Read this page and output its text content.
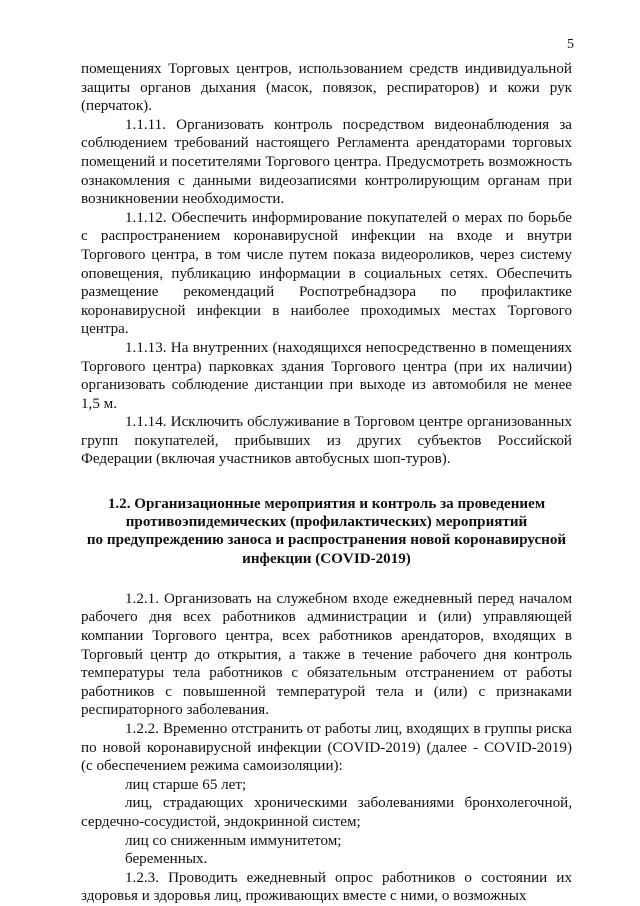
5

помещениях Торговых центров, использованием средств индивидуальной защиты органов дыхания (масок, повязок, респираторов) и кожи рук (перчаток).

1.1.11. Организовать контроль посредством видеонаблюдения за соблюдением требований настоящего Регламента арендаторами торговых помещений и посетителями Торгового центра. Предусмотреть возможность ознакомления с данными видеозаписями контролирующим органам при возникновении необходимости.

1.1.12. Обеспечить информирование покупателей о мерах по борьбе с распространением коронавирусной инфекции на входе и внутри Торгового центра, в том числе путем показа видеороликов, через систему оповещения, публикацию информации в социальных сетях. Обеспечить размещение рекомендаций Роспотребнадзора по профилактике коронавирусной инфекции в наиболее проходимых местах Торгового центра.

1.1.13. На внутренних (находящихся непосредственно в помещениях Торгового центра) парковках здания Торгового центра (при их наличии) организовать соблюдение дистанции при выходе из автомобиля не менее 1,5 м.

1.1.14. Исключить обслуживание в Торговом центре организованных групп покупателей, прибывших из других субъектов Российской Федерации (включая участников автобусных шоп-туров).

1.2. Организационные мероприятия и контроль за проведением
противоэпидемических (профилактических) мероприятий
по предупреждению заноса и распространения новой коронавирусной
инфекции (COVID-2019)

1.2.1. Организовать на служебном входе ежедневный перед началом рабочего дня всех работников администрации и (или) управляющей компании Торгового центра, всех работников арендаторов, входящих в Торговый центр до открытия, а также в течение рабочего дня контроль температуры тела работников с обязательным отстранением от работы работников с повышенной температурой тела и (или) с признаками респираторного заболевания.

1.2.2. Временно отстранить от работы лиц, входящих в группы риска по новой коронавирусной инфекции (COVID-2019) (далее - COVID-2019) (с обеспечением режима самоизоляции):

лиц старше 65 лет;

лиц, страдающих хроническими заболеваниями бронхолегочной, сердечно-сосудистой, эндокринной систем;

лиц со сниженным иммунитетом;

беременных.

1.2.3. Проводить ежедневный опрос работников о состоянии их здоровья и здоровья лиц, проживающих вместе с ними, о возможных
